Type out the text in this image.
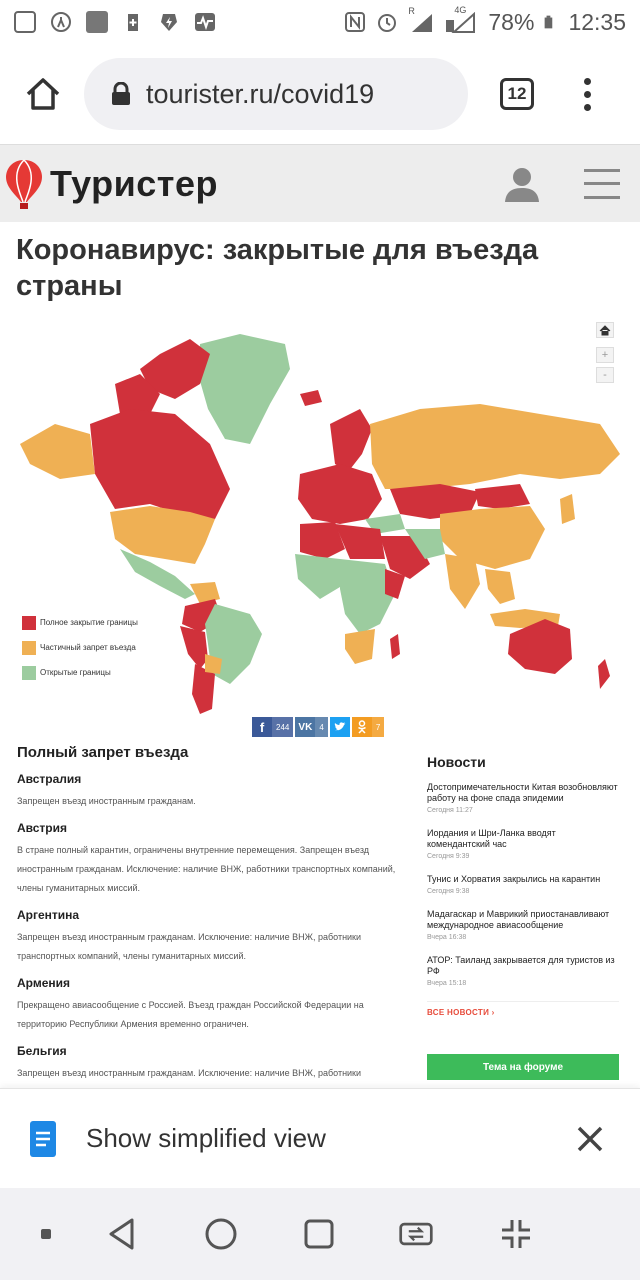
R	4G 78% 12:35
tourister.ru/covid19	12
Туристер
Коронавирус: закрытые для въезда страны
+
-
Полное закрытие границы
Частичный запрет въезда
Открытые границы
f	244 VK 4	7
Полный запрет въезда
Австралия
Запрещен въезд иностранным гражданам.
Австрия
В стране полный карантин, ограничены внутренние перемещения. Запрещен въезд иностранным гражданам. Исключение: наличие ВНЖ, работники транспортных компаний, члены гуманитарных миссий.
Аргентина
Запрещен въезд иностранным гражданам. Исключение: наличие ВНЖ, работники транспортных компаний, члены гуманитарных миссий.
Армения
Прекращено авиасообщение с Россией. Въезд граждан Российской Федерации на территорию Республики Армения временно ограничен.
Бельгия
Запрещен въезд иностранным гражданам. Исключение: наличие ВНЖ, работники
Новости
Достопримечательности Китая возобновляют работу на фоне спада эпидемии
Сегодня 11:27
Иордания и Шри-Ланка вводят комендантский час
Сегодня 9:39
Тунис и Хорватия закрылись на карантин
Сегодня 9:38
Мадагаскар и Маврикий приостанавливают международное авиасообщение
Вчера 16:38
АТОР: Таиланд закрывается для туристов из РФ
Вчера 15:18
ВСЕ НОВОСТИ ›
Тема на форуме
Show simplified view
